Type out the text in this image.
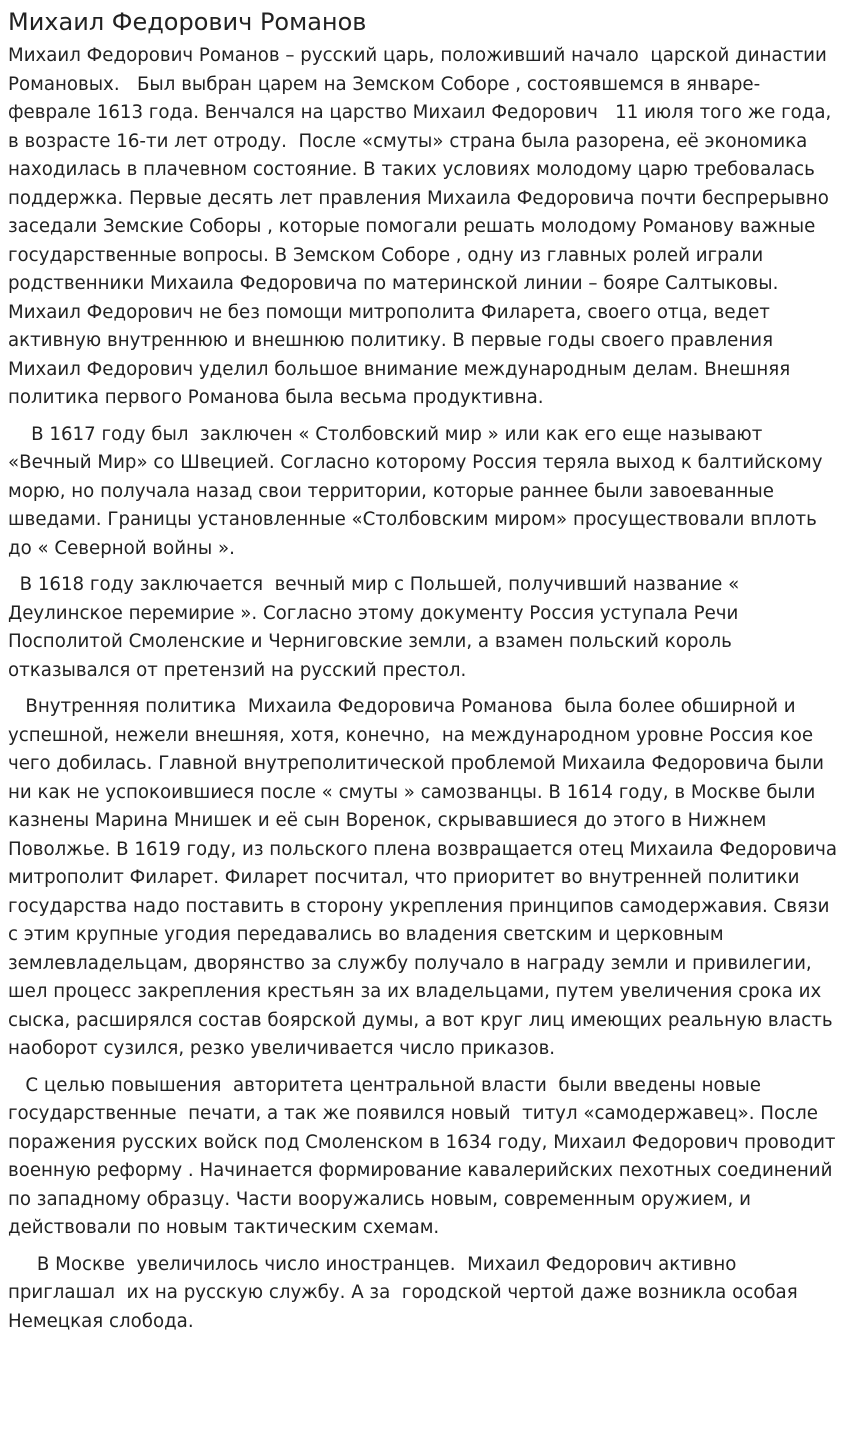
Михаил Федорович Романов

Михаил Федорович Романов – русский царь, положивший начало  царской династии Романовых.   Был выбран царем на Земском Соборе , состоявшемся в январе-феврале 1613 года. Венчался на царство Михаил Федорович   11 июля того же года, в возрасте 16-ти лет отроду.  После «смуты» страна была разорена, её экономика находилась в плачевном состояние. В таких условиях молодому царю требовалась поддержка. Первые десять лет правления Михаила Федоровича почти беспрерывно заседали Земские Соборы , которые помогали решать молодому Романову важные государственные вопросы. В Земском Соборе , одну из главных ролей играли  родственники Михаила Федоровича по материнской линии – бояре Салтыковы.  Михаил Федорович не без помощи митрополита Филарета, своего отца, ведет активную внутреннюю и внешнюю политику. В первые годы своего правления Михаил Федорович уделил большое внимание международным делам. Внешняя политика первого Романова была весьма продуктивна.

В 1617 году был  заключен « Столбовский мир » или как его еще называют «Вечный Мир» со Швецией. Согласно которому Россия теряла выход к балтийскому морю, но получала назад свои территории, которые раннее были завоеванные шведами. Границы установленные «Столбовским миром» просуществовали вплоть до « Северной войны ».

В 1618 году заключается  вечный мир с Польшей, получивший название « Деулинское перемирие ». Согласно этому документу Россия уступала Речи Посполитой Смоленские и Черниговские земли, а взамен польский король отказывался от претензий на русский престол.

Внутренняя политика  Михаила Федоровича Романова  была более обширной и успешной, нежели внешняя, хотя, конечно,  на международном уровне Россия кое чего добилась. Главной внутреполитической проблемой Михаила Федоровича были ни как не успокоившиеся после « смуты » самозванцы. В 1614 году, в Москве были казнены Марина Мнишек и её сын Воренок, скрывавшиеся до этого в Нижнем Поволжье. В 1619 году, из польского плена возвращается отец Михаила Федоровича митрополит Филарет. Филарет посчитал, что приоритет во внутренней политики государства надо поставить в сторону укрепления принципов самодержавия. Связи с этим крупные угодия передавались во владения светским и церковным землевладельцам, дворянство за службу получало в награду земли и привилегии,  шел процесс закрепления крестьян за их владельцами, путем увеличения срока их сыска, расширялся состав боярской думы, а вот круг лиц имеющих реальную власть наоборот сузился, резко увеличивается число приказов.

С целью повышения  авторитета центральной власти  были введены новые государственные  печати, а так же появился новый  титул «самодержавец». После поражения русских войск под Смоленском в 1634 году, Михаил Федорович проводит военную реформу . Начинается формирование кавалерийских пехотных соединений по западному образцу. Части вооружались новым, современным оружием, и действовали по новым тактическим схемам.

В Москве  увеличилось число иностранцев.  Михаил Федорович активно приглашал  их на русскую службу. А за  городской чертой даже возникла особая Немецкая слобода.
